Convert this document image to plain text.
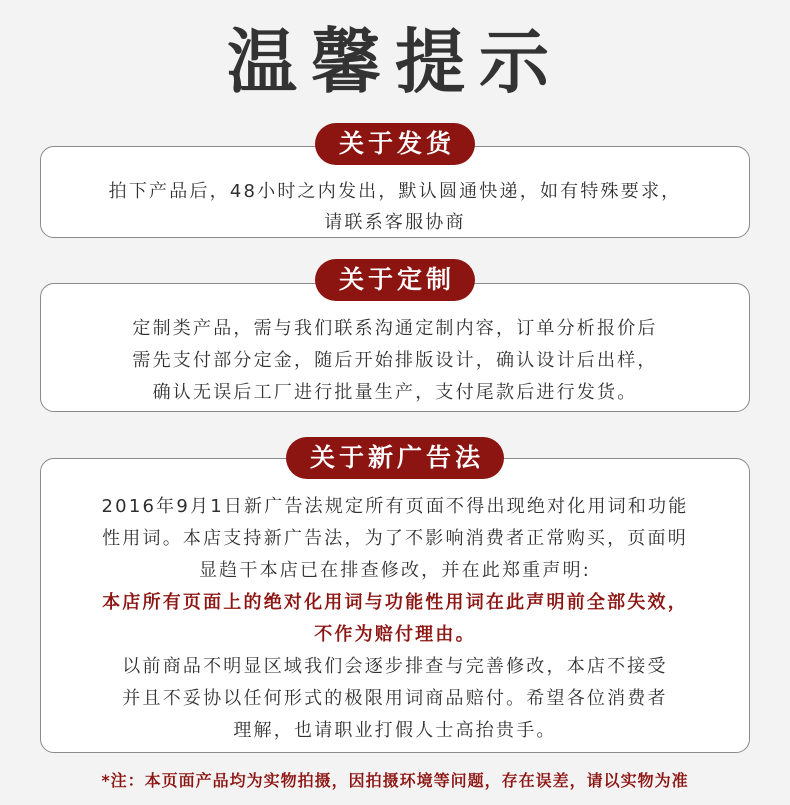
温馨提示
拍下产品后，48小时之内发出，默认圆通快递，如有特殊要求，
请联系客服协商
关于发货
定制类产品，需与我们联系沟通定制内容，订单分析报价后
需先支付部分定金，随后开始排版设计，确认设计后出样，
确认无误后工厂进行批量生产，支付尾款后进行发货。
关于定制
2016年9月1日新广告法规定所有页面不得出现绝对化用词和功能
性用词。本店支持新广告法，为了不影响消费者正常购买，页面明
显趋干本店已在排查修改，并在此郑重声明:
本店所有页面上的绝对化用词与功能性用词在此声明前全部失效，
不作为赔付理由。
以前商品不明显区域我们会逐步排查与完善修改，本店不接受
并且不妥协以任何形式的极限用词商品赔付。希望各位消费者
理解，也请职业打假人士高抬贵手。
关于新广告法
*注：本页面产品均为实物拍摄，因拍摄环境等问题，存在误差，请以实物为准
